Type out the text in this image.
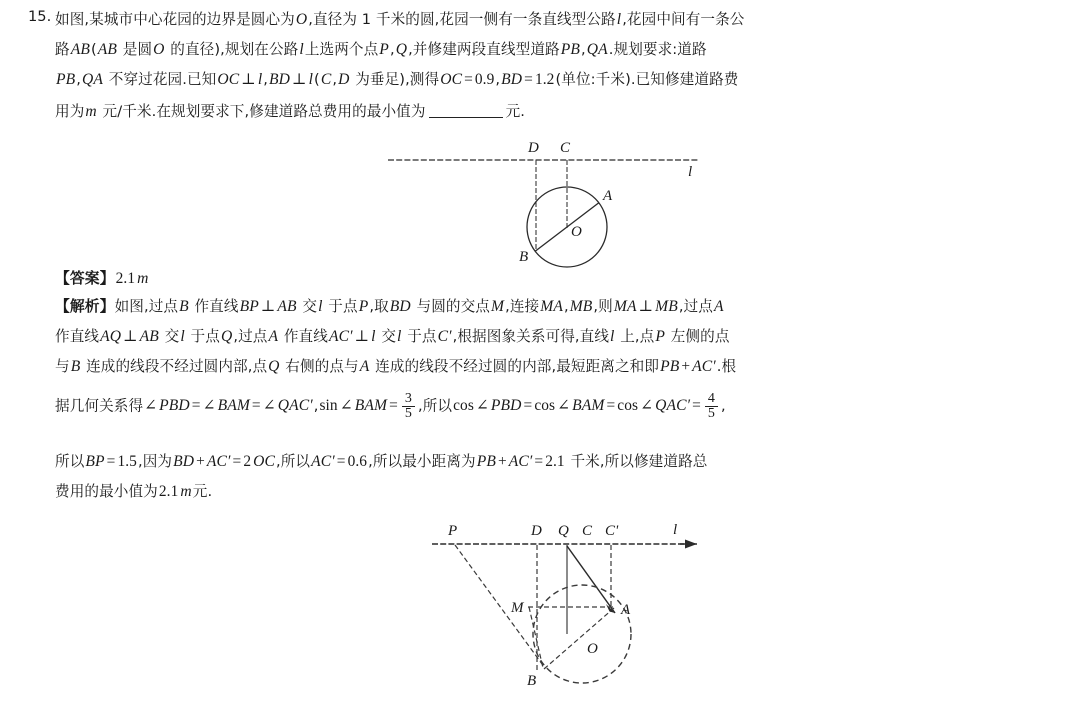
15. 如图,某城市中心花园的边界是圆心为O,直径为 1 千米的圆,花园一侧有一条直线型公路l,花园中间有一条公
路AB(AB 是圆O 的直径),规划在公路l上选两个点P,Q,并修建两段直线型道路PB,QA.规划要求:道路
PB,QA 不穿过花园.已知OC ⊥ l,BD ⊥ l(C,D 为垂足),测得OC = 0.9,BD = 1.2(单位:千米).已知修建道路费
用为m 元/千米.在规划要求下,修建道路总费用的最小值为	元.
D C
l
A
O
B
【答案】2.1 m
【解析】如图,过点B 作直线BP ⊥ AB 交l 于点P,取BD 与圆的交点M,连接MA,MB,则MA ⊥ MB,过点A
作直线AQ ⊥ AB 交l 于点Q,过点A 作直线AC′ ⊥ l 交l 于点C′,根据图象关系可得,直线l 上,点P 左侧的点
与B 连成的线段不经过圆内部,点Q 右侧的点与A 连成的线段不经过圆的内部,最短距离之和即PB + AC′.根
据几何关系得∠ PBD = ∠ BAM = ∠ QAC′,sin ∠ BAM = $\frac{3}{5}$ ,所以cos ∠ PBD = cos ∠ BAM = cos ∠ $QAC' = \frac{4}{5}$ ,
所以BP = 1.5,因为BD + AC′ = 2 OC,所以AC′ = 0.6,所以最小距离为PB + AC′ = 2.1 千米,所以修建道路总
费用的最小值为2.1 m元.
P	D Q C C'	l
M	A
O
B
